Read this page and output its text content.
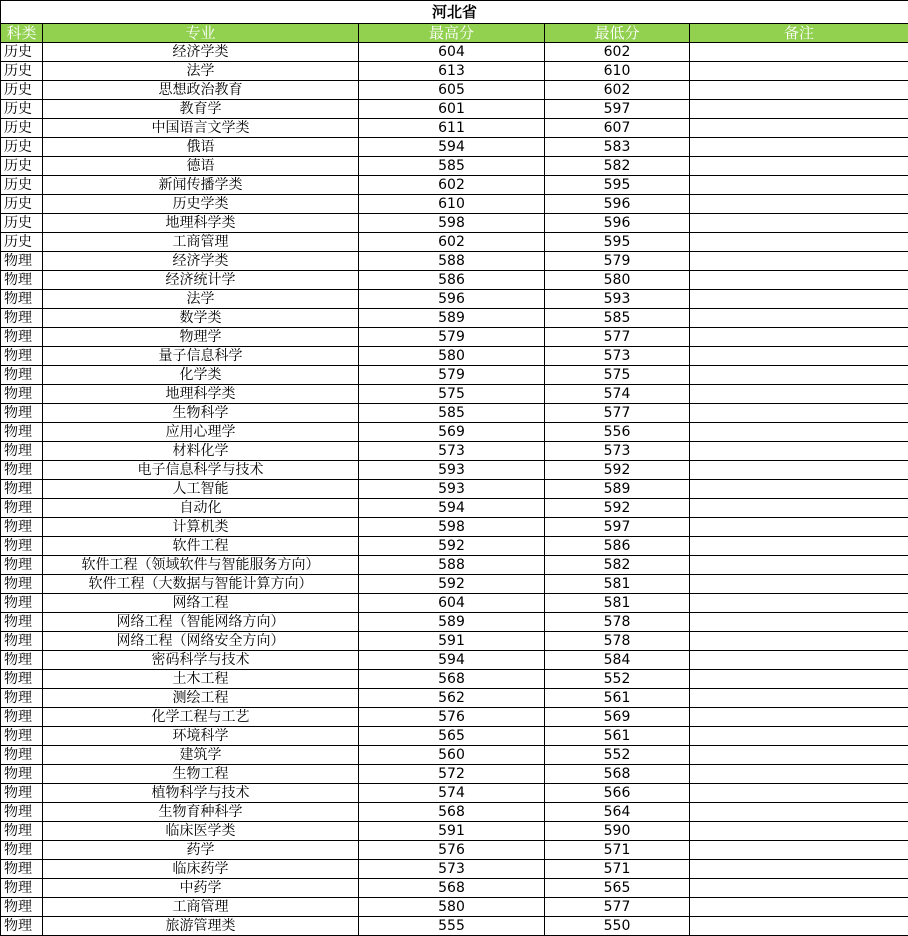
河北省				
科类	专业	最高分	最低分	备注
历史	经济学类	604	602	
历史	法学	613	610	
历史	思想政治教育	605	602	
历史	教育学	601	597	
历史	中国语言文学类	611	607	
历史	俄语	594	583	
历史	德语	585	582	
历史	新闻传播学类	602	595	
历史	历史学类	610	596	
历史	地理科学类	598	596	
历史	工商管理	602	595	
物理	经济学类	588	579	
物理	经济统计学	586	580	
物理	法学	596	593	
物理	数学类	589	585	
物理	物理学	579	577	
物理	量子信息科学	580	573	
物理	化学类	579	575	
物理	地理科学类	575	574	
物理	生物科学	585	577	
物理	应用心理学	569	556	
物理	材料化学	573	573	
物理	电子信息科学与技术	593	592	
物理	人工智能	593	589	
物理	自动化	594	592	
物理	计算机类	598	597	
物理	软件工程	592	586	
物理	软件工程（领域软件与智能服务方向）	588	582	
物理	软件工程（大数据与智能计算方向）	592	581	
物理	网络工程	604	581	
物理	网络工程（智能网络方向）	589	578	
物理	网络工程（网络安全方向）	591	578	
物理	密码科学与技术	594	584	
物理	土木工程	568	552	
物理	测绘工程	562	561	
物理	化学工程与工艺	576	569	
物理	环境科学	565	561	
物理	建筑学	560	552	
物理	生物工程	572	568	
物理	植物科学与技术	574	566	
物理	生物育种科学	568	564	
物理	临床医学类	591	590	
物理	药学	576	571	
物理	临床药学	573	571	
物理	中药学	568	565	
物理	工商管理	580	577	
物理	旅游管理类	555	550	
